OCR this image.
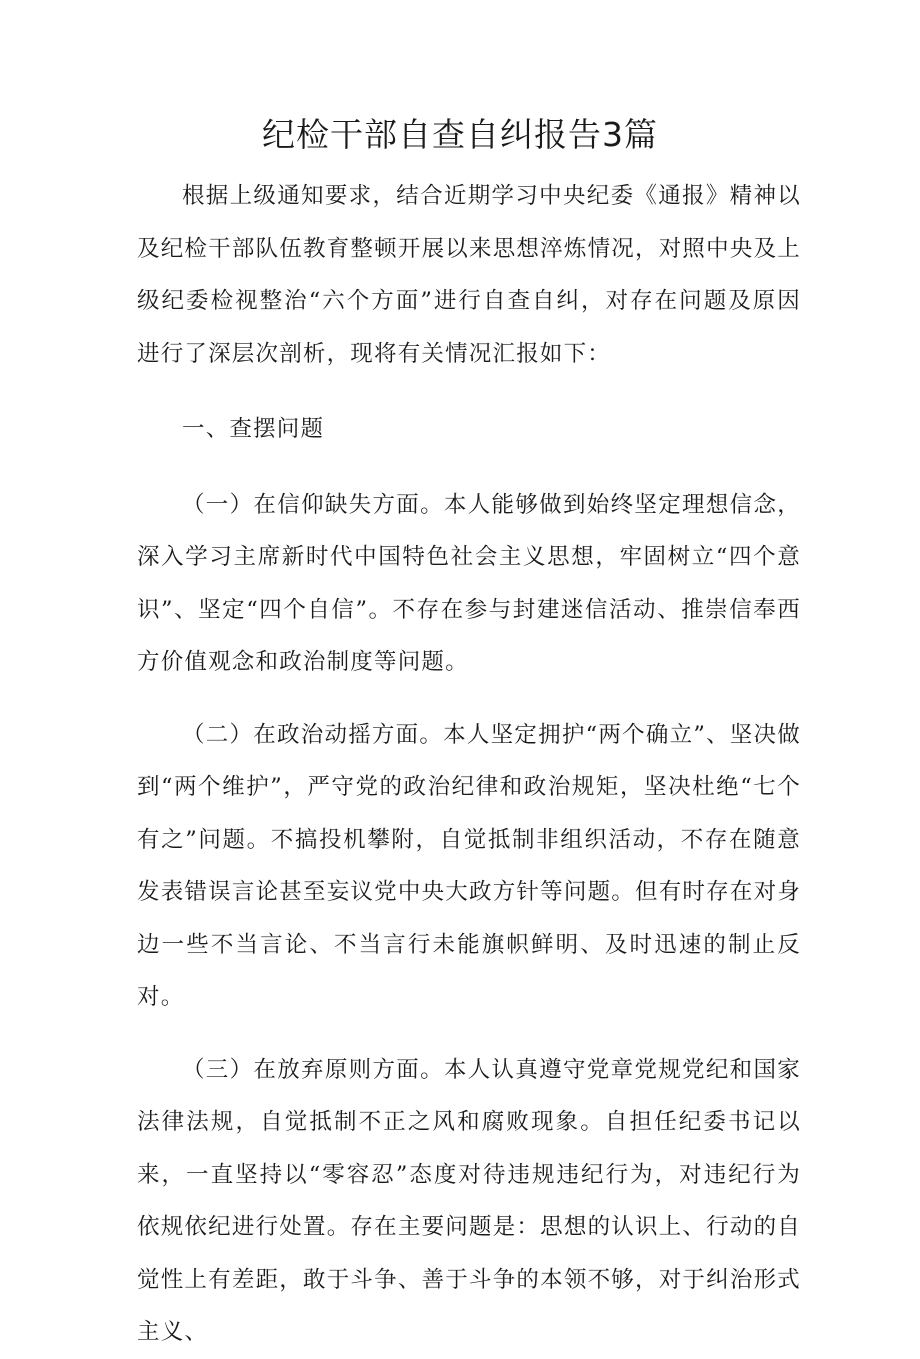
纪检干部自查自纠报告3篇

根据上级通知要求，结合近期学习中央纪委《通报》精神以及纪检干部队伍教育整顿开展以来思想淬炼情况，对照中央及上级纪委检视整治“六个方面”进行自查自纠，对存在问题及原因进行了深层次剖析，现将有关情况汇报如下：

一、查摆问题

（一）在信仰缺失方面。本人能够做到始终坚定理想信念，深入学习主席新时代中国特色社会主义思想，牢固树立“四个意识”、坚定“四个自信”。不存在参与封建迷信活动、推崇信奉西方价值观念和政治制度等问题。

（二）在政治动摇方面。本人坚定拥护“两个确立”、坚决做到“两个维护”，严守党的政治纪律和政治规矩，坚决杜绝“七个有之”问题。不搞投机攀附，自觉抵制非组织活动，不存在随意发表错误言论甚至妄议党中央大政方针等问题。但有时存在对身边一些不当言论、不当言行未能旗帜鲜明、及时迅速的制止反对。

（三）在放弃原则方面。本人认真遵守党章党规党纪和国家法律法规，自觉抵制不正之风和腐败现象。自担任纪委书记以来，一直坚持以“零容忍”态度对待违规违纪行为，对违纪行为依规依纪进行处置。存在主要问题是：思想的认识上、行动的自觉性上有差距，敢于斗争、善于斗争的本领不够，对于纠治形式主义、
